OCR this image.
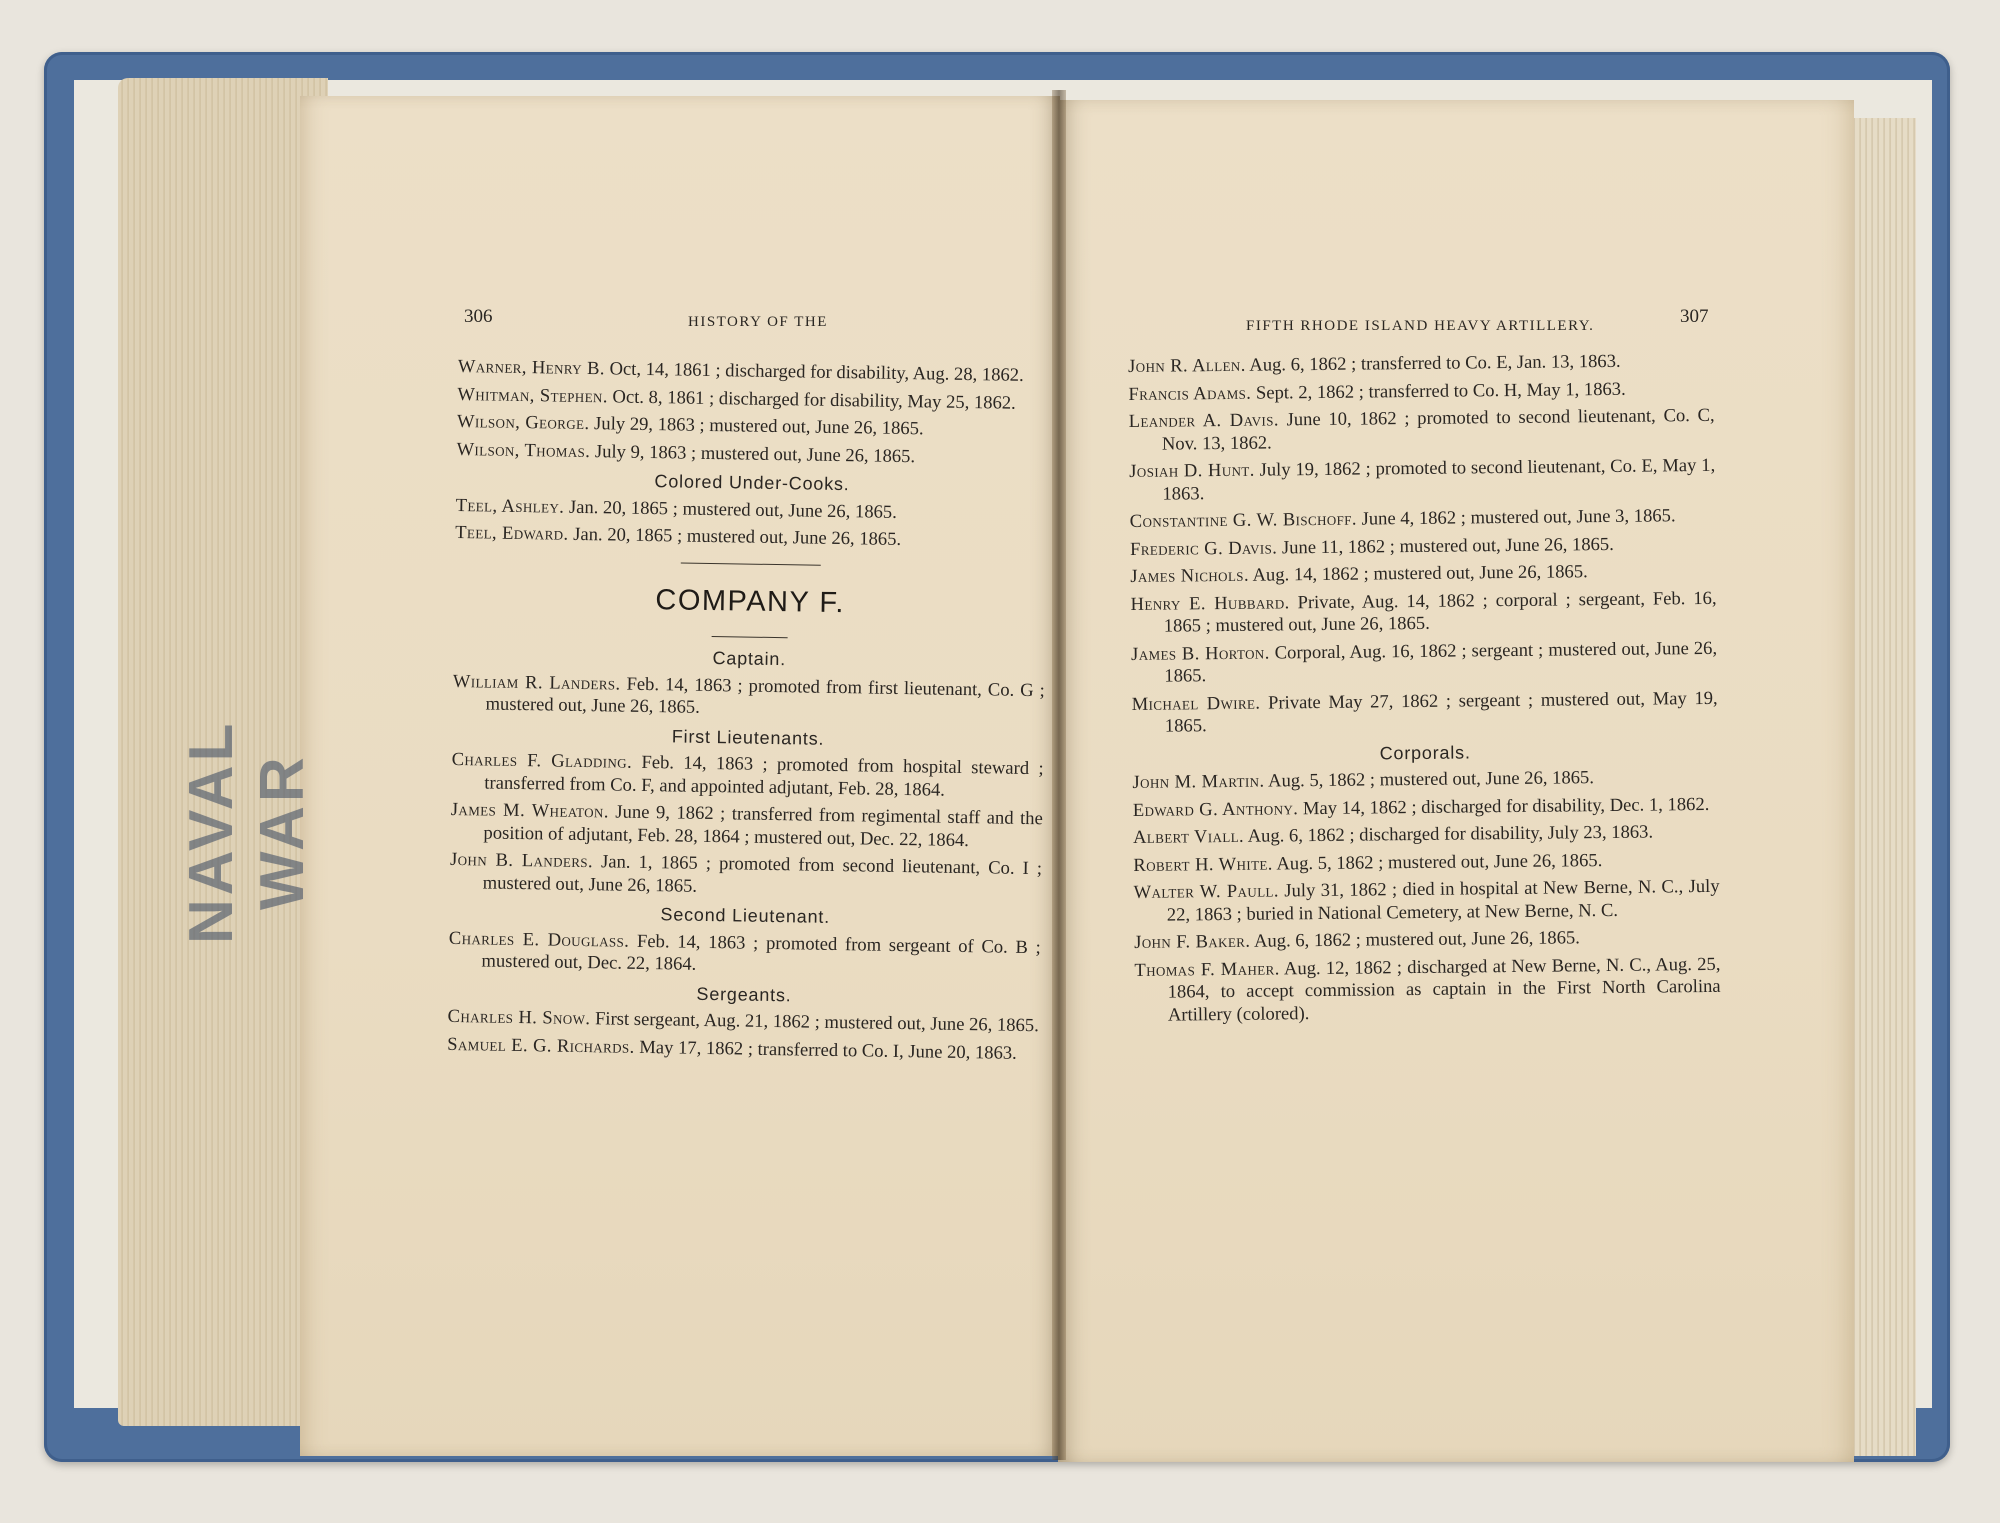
NAVAL WAR
306	HISTORY OF THE	FIFTH RHODE ISLAND HEAVY ARTILLERY.	307

Warner, Henry B. Oct, 14, 1861 ; discharged for disability, Aug. 28, 1862.

Whitman, Stephen. Oct. 8, 1861 ; discharged for disability, May 25, 1862.

Wilson, George. July 29, 1863 ; mustered out, June 26, 1865.

Wilson, Thomas. July 9, 1863 ; mustered out, June 26, 1865.

Colored Under-Cooks.

Teel, Ashley. Jan. 20, 1865 ; mustered out, June 26, 1865.

Teel, Edward. Jan. 20, 1865 ; mustered out, June 26, 1865.

COMPANY F.
Captain.

William R. Landers. Feb. 14, 1863 ; promoted from first lieutenant, Co. G ; mustered out, June 26, 1865.

First Lieutenants.

Charles F. Gladding. Feb. 14, 1863 ; promoted from hospital steward ; transferred from Co. F, and appointed adjutant, Feb. 28, 1864.

James M. Wheaton. June 9, 1862 ; transferred from regimental staff and the position of adjutant, Feb. 28, 1864 ; mustered out, Dec. 22, 1864.

John B. Landers. Jan. 1, 1865 ; promoted from second lieutenant, Co. I ; mustered out, June 26, 1865.

Second Lieutenant.

Charles E. Douglass. Feb. 14, 1863 ; promoted from sergeant of Co. B ; mustered out, Dec. 22, 1864.

Sergeants.

Charles H. Snow. First sergeant, Aug. 21, 1862 ; mustered out, June 26, 1865.

Samuel E. G. Richards. May 17, 1862 ; transferred to Co. I, June 20, 1863.

John R. Allen. Aug. 6, 1862 ; transferred to Co. E, Jan. 13, 1863.

Francis Adams. Sept. 2, 1862 ; transferred to Co. H, May 1, 1863.

Leander A. Davis. June 10, 1862 ; promoted to second lieutenant, Co. C, Nov. 13, 1862.

Josiah D. Hunt. July 19, 1862 ; promoted to second lieutenant, Co. E, May 1, 1863.

Constantine G. W. Bischoff. June 4, 1862 ; mustered out, June 3, 1865.

Frederic G. Davis. June 11, 1862 ; mustered out, June 26, 1865.

James Nichols. Aug. 14, 1862 ; mustered out, June 26, 1865.

Henry E. Hubbard. Private, Aug. 14, 1862 ; corporal ; sergeant, Feb. 16, 1865 ; mustered out, June 26, 1865.

James B. Horton. Corporal, Aug. 16, 1862 ; sergeant ; mustered out, June 26, 1865.

Michael Dwire. Private May 27, 1862 ; sergeant ; mustered out, May 19, 1865.

Corporals.

John M. Martin. Aug. 5, 1862 ; mustered out, June 26, 1865.

Edward G. Anthony. May 14, 1862 ; discharged for disability, Dec. 1, 1862.

Albert Viall. Aug. 6, 1862 ; discharged for disability, July 23, 1863.

Robert H. White. Aug. 5, 1862 ; mustered out, June 26, 1865.

Walter W. Paull. July 31, 1862 ; died in hospital at New Berne, N. C., July 22, 1863 ; buried in National Cemetery, at New Berne, N. C.

John F. Baker. Aug. 6, 1862 ; mustered out, June 26, 1865.

Thomas F. Maher. Aug. 12, 1862 ; discharged at New Berne, N. C., Aug. 25, 1864, to accept commission as captain in the First North Carolina Artillery (colored).
